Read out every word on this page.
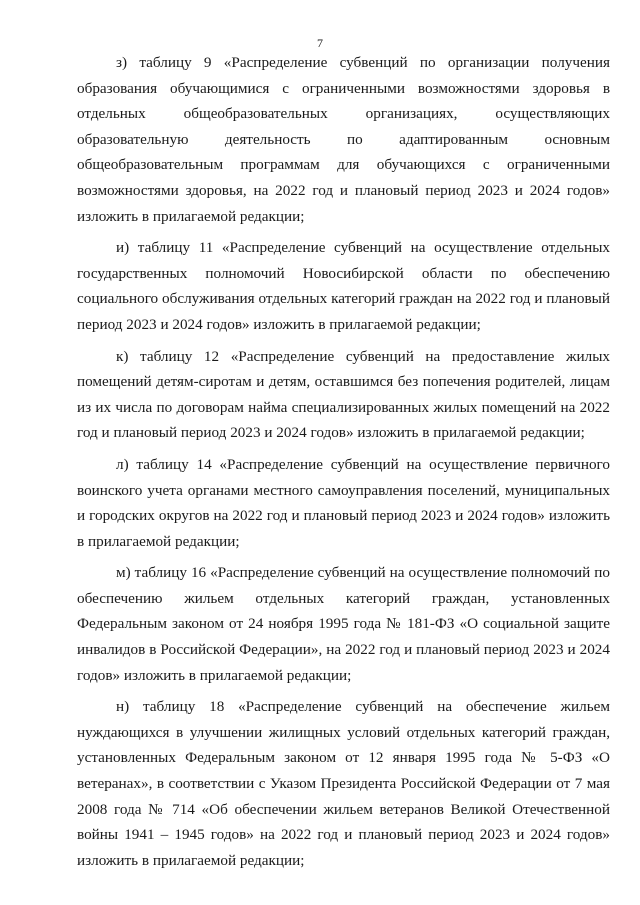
7

з) таблицу 9 «Распределение субвенций по организации получения образования обучающимися с ограниченными возможностями здоровья в отдельных общеобразовательных организациях, осуществляющих образовательную деятельность по адаптированным основным общеобразовательным программам для обучающихся с ограниченными возможностями здоровья, на 2022 год и плановый период 2023 и 2024 годов» изложить в прилагаемой редакции;

и) таблицу 11 «Распределение субвенций на осуществление отдельных государственных полномочий Новосибирской области по обеспечению социального обслуживания отдельных категорий граждан на 2022 год и плановый период 2023 и 2024 годов» изложить в прилагаемой редакции;

к) таблицу 12 «Распределение субвенций на предоставление жилых помещений детям-сиротам и детям, оставшимся без попечения родителей, лицам из их числа по договорам найма специализированных жилых помещений на 2022 год и плановый период 2023 и 2024 годов» изложить в прилагаемой редакции;

л) таблицу 14 «Распределение субвенций на осуществление первичного воинского учета органами местного самоуправления поселений, муниципальных и городских округов на 2022 год и плановый период 2023 и 2024 годов» изложить в прилагаемой редакции;

м) таблицу 16 «Распределение субвенций на осуществление полномочий по обеспечению жильем отдельных категорий граждан, установленных Федеральным законом от 24 ноября 1995 года № 181-ФЗ «О социальной защите инвалидов в Российской Федерации», на 2022 год и плановый период 2023 и 2024 годов» изложить в прилагаемой редакции;

н) таблицу 18 «Распределение субвенций на обеспечение жильем нуждающихся в улучшении жилищных условий отдельных категорий граждан, установленных Федеральным законом от 12 января 1995 года № 5-ФЗ «О ветеранах», в соответствии с Указом Президента Российской Федерации от 7 мая 2008 года № 714 «Об обеспечении жильем ветеранов Великой Отечественной войны 1941 – 1945 годов» на 2022 год и плановый период 2023 и 2024 годов» изложить в прилагаемой редакции;
